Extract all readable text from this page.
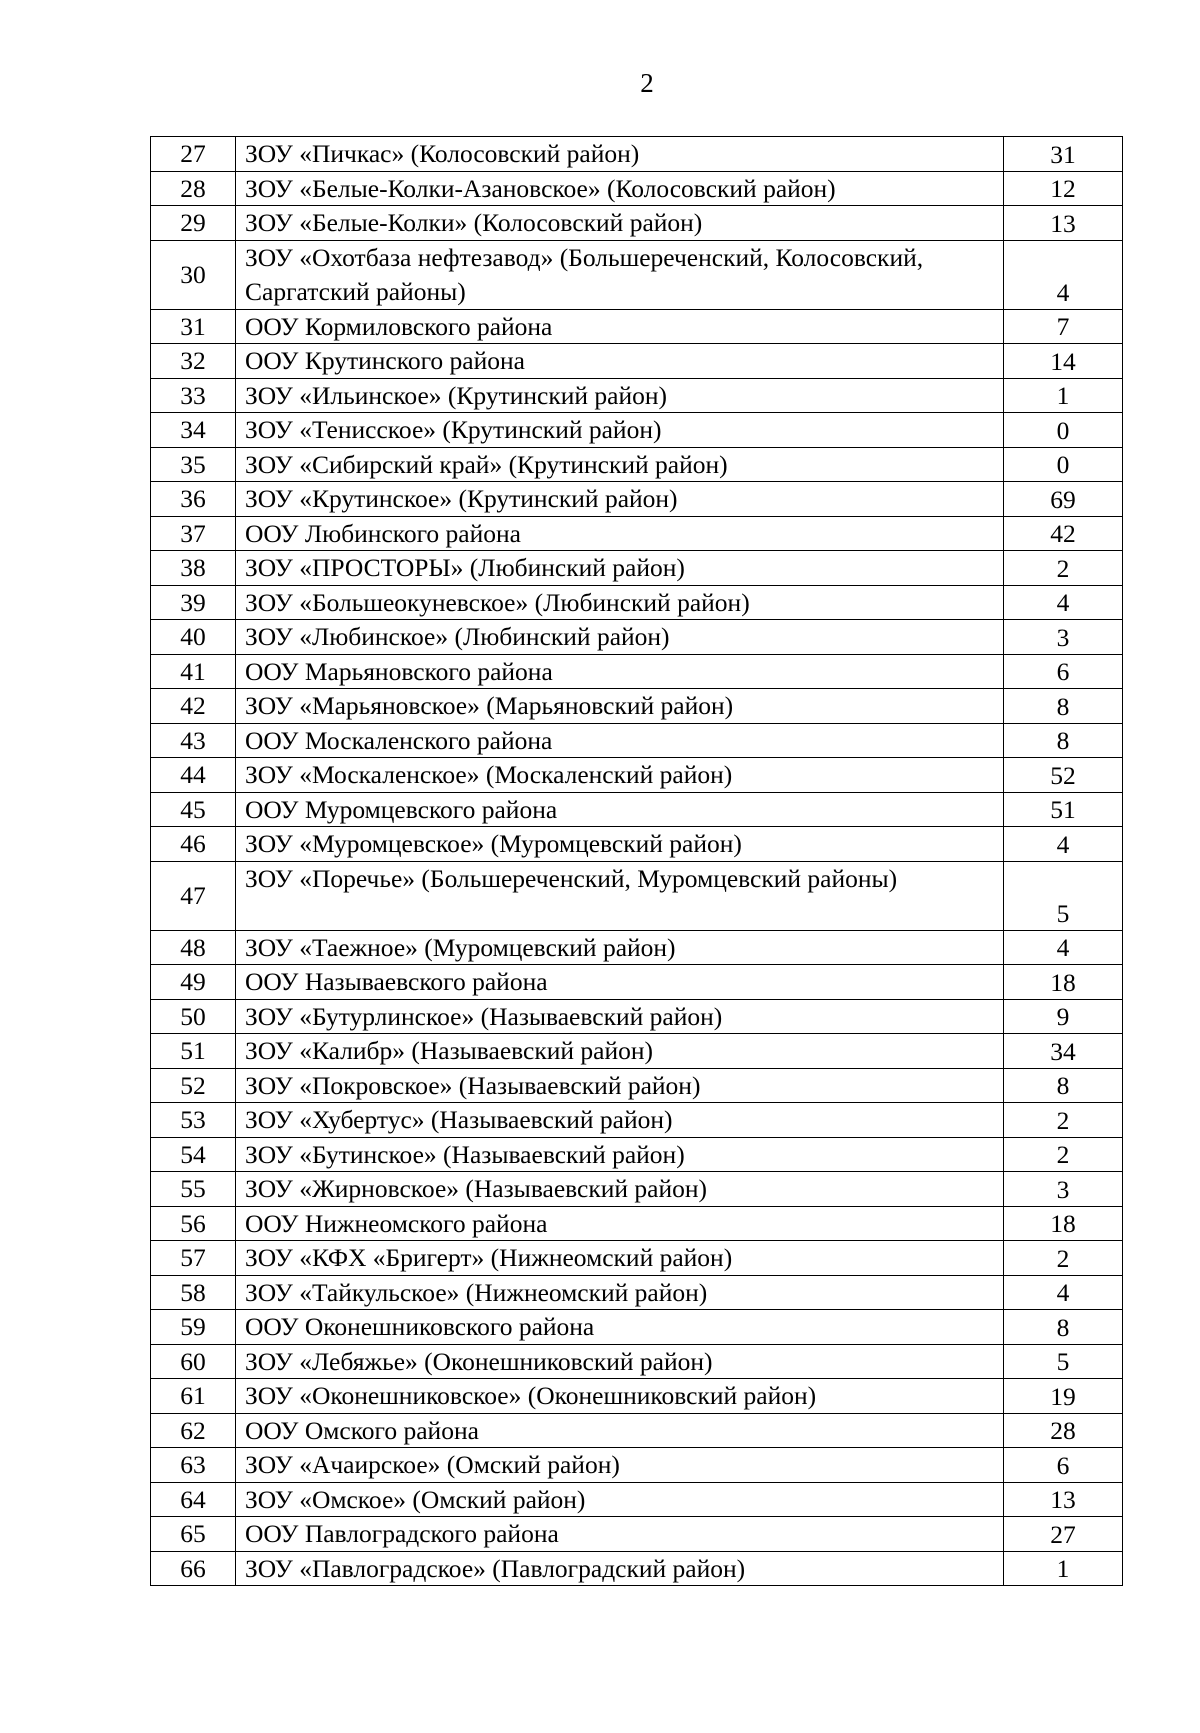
2
27	ЗОУ «Пичкас» (Колосовский район)	31
28	ЗОУ «Белые-Колки-Азановское» (Колосовский район)	12
29	ЗОУ «Белые-Колки» (Колосовский район)	13
30	ЗОУ «Охотбаза нефтезавод» (Большереченский, Колосовский, Саргатский районы)	4
31	ООУ Кормиловского района	7
32	ООУ Крутинского района	14
33	ЗОУ «Ильинское» (Крутинский район)	1
34	ЗОУ «Тенисское» (Крутинский район)	0
35	ЗОУ «Сибирский край» (Крутинский район)	0
36	ЗОУ «Крутинское» (Крутинский район)	69
37	ООУ Любинского района	42
38	ЗОУ «ПРОСТОРЫ» (Любинский район)	2
39	ЗОУ «Большеокуневское» (Любинский район)	4
40	ЗОУ «Любинское» (Любинский район)	3
41	ООУ Марьяновского района	6
42	ЗОУ «Марьяновское» (Марьяновский район)	8
43	ООУ Москаленского района	8
44	ЗОУ «Москаленское» (Москаленский район)	52
45	ООУ Муромцевского района	51
46	ЗОУ «Муромцевское» (Муромцевский район)	4
47	ЗОУ «Поречье» (Большереченский, Муромцевский районы)	5
48	ЗОУ «Таежное» (Муромцевский район)	4
49	ООУ Называевского района	18
50	ЗОУ «Бутурлинское» (Называевский район)	9
51	ЗОУ «Калибр» (Называевский район)	34
52	ЗОУ «Покровское» (Называевский район)	8
53	ЗОУ «Хубертус» (Называевский район)	2
54	ЗОУ «Бутинское» (Называевский район)	2
55	ЗОУ «Жирновское» (Называевский район)	3
56	ООУ Нижнеомского района	18
57	ЗОУ «КФХ «Бригерт» (Нижнеомский район)	2
58	ЗОУ «Тайкульское» (Нижнеомский район)	4
59	ООУ Оконешниковского района	8
60	ЗОУ «Лебяжье» (Оконешниковский район)	5
61	ЗОУ «Оконешниковское» (Оконешниковский район)	19
62	ООУ Омского района	28
63	ЗОУ «Ачаирское» (Омский район)	6
64	ЗОУ «Омское» (Омский район)	13
65	ООУ Павлоградского района	27
66	ЗОУ «Павлоградское» (Павлоградский район)	1
